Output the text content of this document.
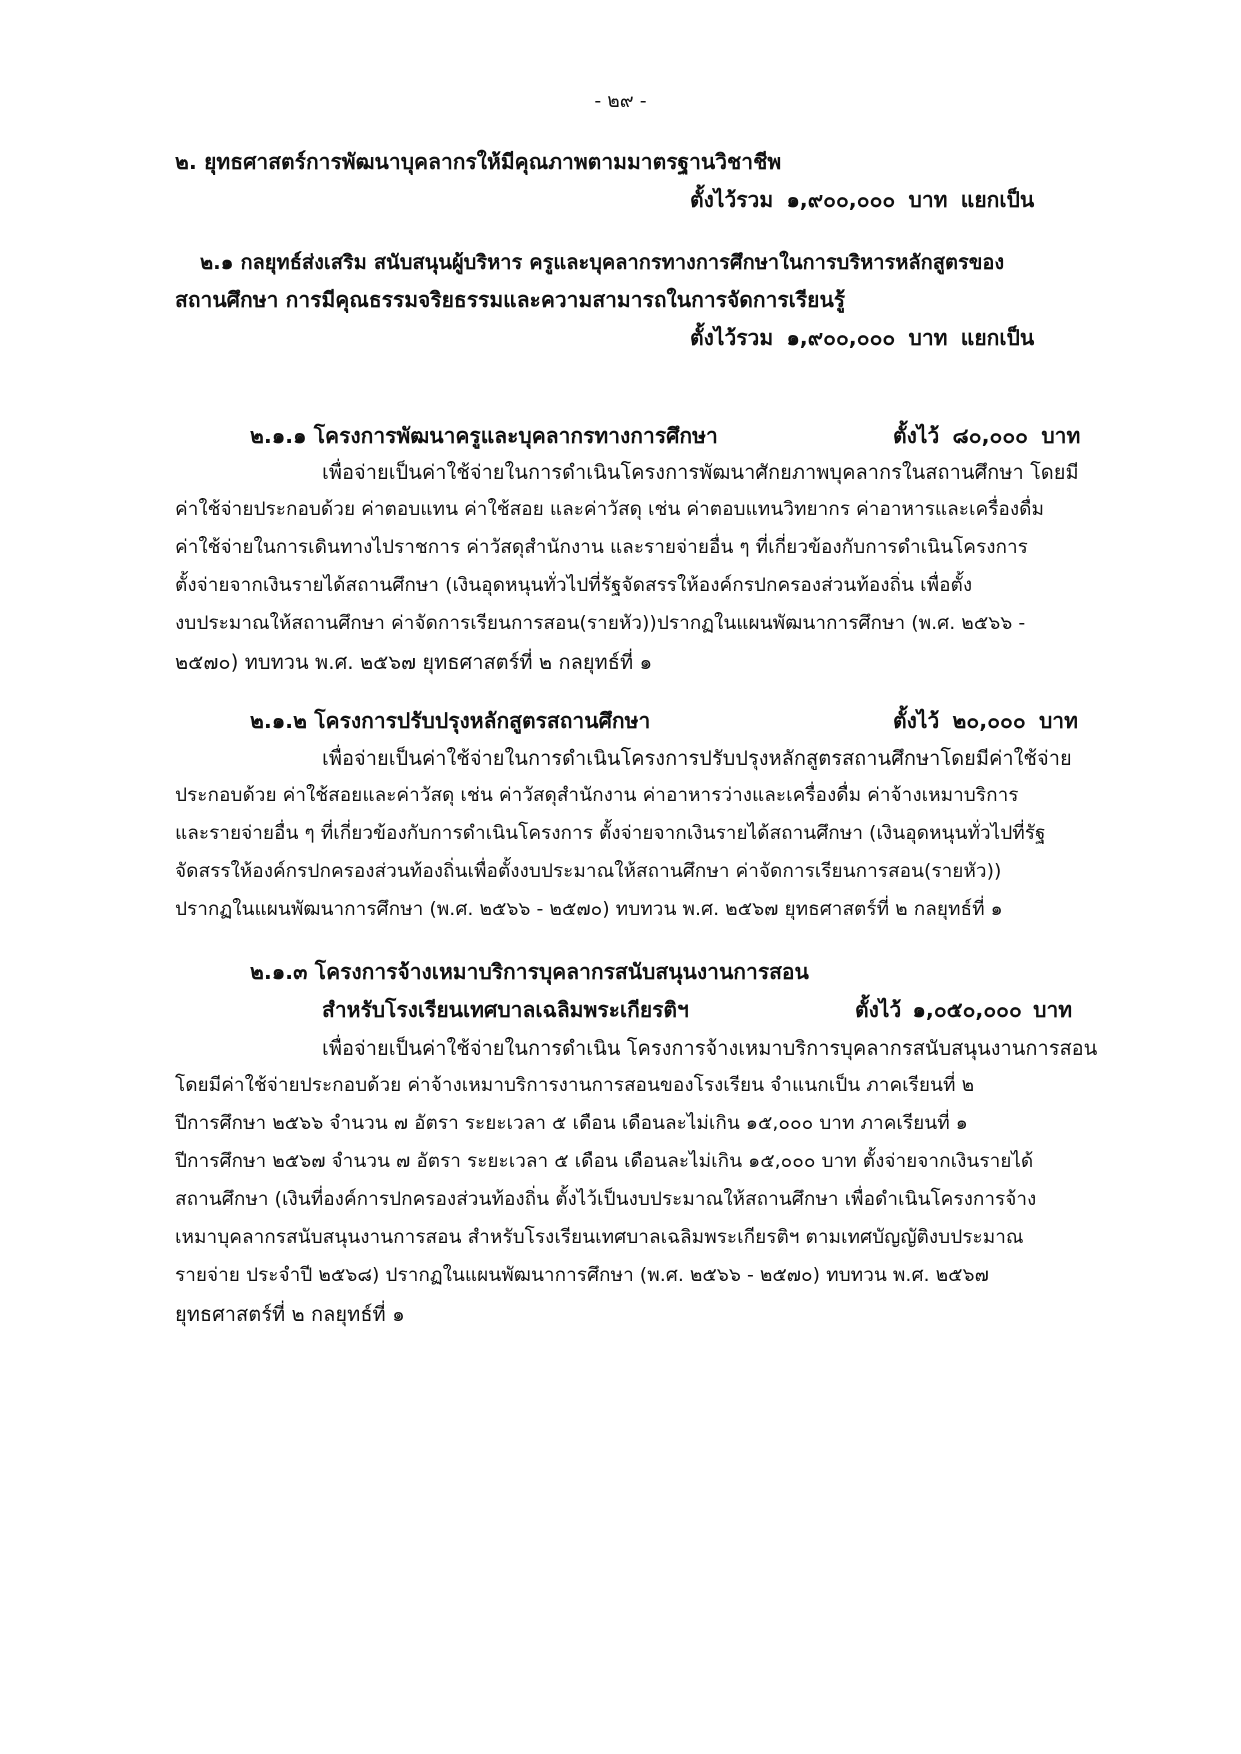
- ๒๙ -
๒. ยุทธศาสตร์การพัฒนาบุคลากรให้มีคุณภาพตามมาตรฐานวิชาชีพ
ตั้งไว้รวม ๑,๙๐๐,๐๐๐ บาท แยกเป็น
๒.๑ กลยุทธ์ส่งเสริม สนับสนุนผู้บริหาร ครูและบุคลากรทางการศึกษาในการบริหารหลักสูตรของ
สถานศึกษา การมีคุณธรรมจริยธรรมและความสามารถในการจัดการเรียนรู้
ตั้งไว้รวม ๑,๙๐๐,๐๐๐ บาท แยกเป็น
๒.๑.๑ โครงการพัฒนาครูและบุคลากรทางการศึกษา	ตั้งไว้ ๘๐,๐๐๐ บาท
เพื่อจ่ายเป็นค่าใช้จ่ายในการดำเนินโครงการพัฒนาศักยภาพบุคลากรในสถานศึกษา โดยมี
ค่าใช้จ่ายประกอบด้วย ค่าตอบแทน ค่าใช้สอย และค่าวัสดุ เช่น ค่าตอบแทนวิทยากร ค่าอาหารและเครื่องดื่ม
ค่าใช้จ่ายในการเดินทางไปราชการ ค่าวัสดุสำนักงาน และรายจ่ายอื่น ๆ ที่เกี่ยวข้องกับการดำเนินโครงการ
ตั้งจ่ายจากเงินรายได้สถานศึกษา (เงินอุดหนุนทั่วไปที่รัฐจัดสรรให้องค์กรปกครองส่วนท้องถิ่น เพื่อตั้ง
งบประมาณให้สถานศึกษา ค่าจัดการเรียนการสอน(รายหัว))ปรากฏในแผนพัฒนาการศึกษา (พ.ศ. ๒๕๖๖ -
๒๕๗๐) ทบทวน พ.ศ. ๒๕๖๗ ยุทธศาสตร์ที่ ๒ กลยุทธ์ที่ ๑
๒.๑.๒ โครงการปรับปรุงหลักสูตรสถานศึกษา	ตั้งไว้ ๒๐,๐๐๐ บาท
เพื่อจ่ายเป็นค่าใช้จ่ายในการดำเนินโครงการปรับปรุงหลักสูตรสถานศึกษาโดยมีค่าใช้จ่าย
ประกอบด้วย ค่าใช้สอยและค่าวัสดุ เช่น ค่าวัสดุสำนักงาน ค่าอาหารว่างและเครื่องดื่ม ค่าจ้างเหมาบริการ
และรายจ่ายอื่น ๆ ที่เกี่ยวข้องกับการดำเนินโครงการ ตั้งจ่ายจากเงินรายได้สถานศึกษา (เงินอุดหนุนทั่วไปที่รัฐ
จัดสรรให้องค์กรปกครองส่วนท้องถิ่นเพื่อตั้งงบประมาณให้สถานศึกษา ค่าจัดการเรียนการสอน(รายหัว))
ปรากฏในแผนพัฒนาการศึกษา (พ.ศ. ๒๕๖๖ - ๒๕๗๐) ทบทวน พ.ศ. ๒๕๖๗ ยุทธศาสตร์ที่ ๒ กลยุทธ์ที่ ๑
๒.๑.๓ โครงการจ้างเหมาบริการบุคลากรสนับสนุนงานการสอน
สำหรับโรงเรียนเทศบาลเฉลิมพระเกียรติฯ	ตั้งไว้ ๑,๐๕๐,๐๐๐ บาท
เพื่อจ่ายเป็นค่าใช้จ่ายในการดำเนิน โครงการจ้างเหมาบริการบุคลากรสนับสนุนงานการสอน
โดยมีค่าใช้จ่ายประกอบด้วย ค่าจ้างเหมาบริการงานการสอนของโรงเรียน จำแนกเป็น ภาคเรียนที่ ๒
ปีการศึกษา ๒๕๖๖ จำนวน ๗ อัตรา ระยะเวลา ๕ เดือน เดือนละไม่เกิน ๑๕,๐๐๐ บาท ภาคเรียนที่ ๑
ปีการศึกษา ๒๕๖๗ จำนวน ๗ อัตรา ระยะเวลา ๕ เดือน เดือนละไม่เกิน ๑๕,๐๐๐ บาท ตั้งจ่ายจากเงินรายได้
สถานศึกษา (เงินที่องค์การปกครองส่วนท้องถิ่น ตั้งไว้เป็นงบประมาณให้สถานศึกษา เพื่อดำเนินโครงการจ้าง
เหมาบุคลากรสนับสนุนงานการสอน สำหรับโรงเรียนเทศบาลเฉลิมพระเกียรติฯ ตามเทศบัญญัติงบประมาณ
รายจ่าย ประจำปี ๒๕๖๘) ปรากฏในแผนพัฒนาการศึกษา (พ.ศ. ๒๕๖๖ - ๒๕๗๐) ทบทวน พ.ศ. ๒๕๖๗
ยุทธศาสตร์ที่ ๒ กลยุทธ์ที่ ๑
